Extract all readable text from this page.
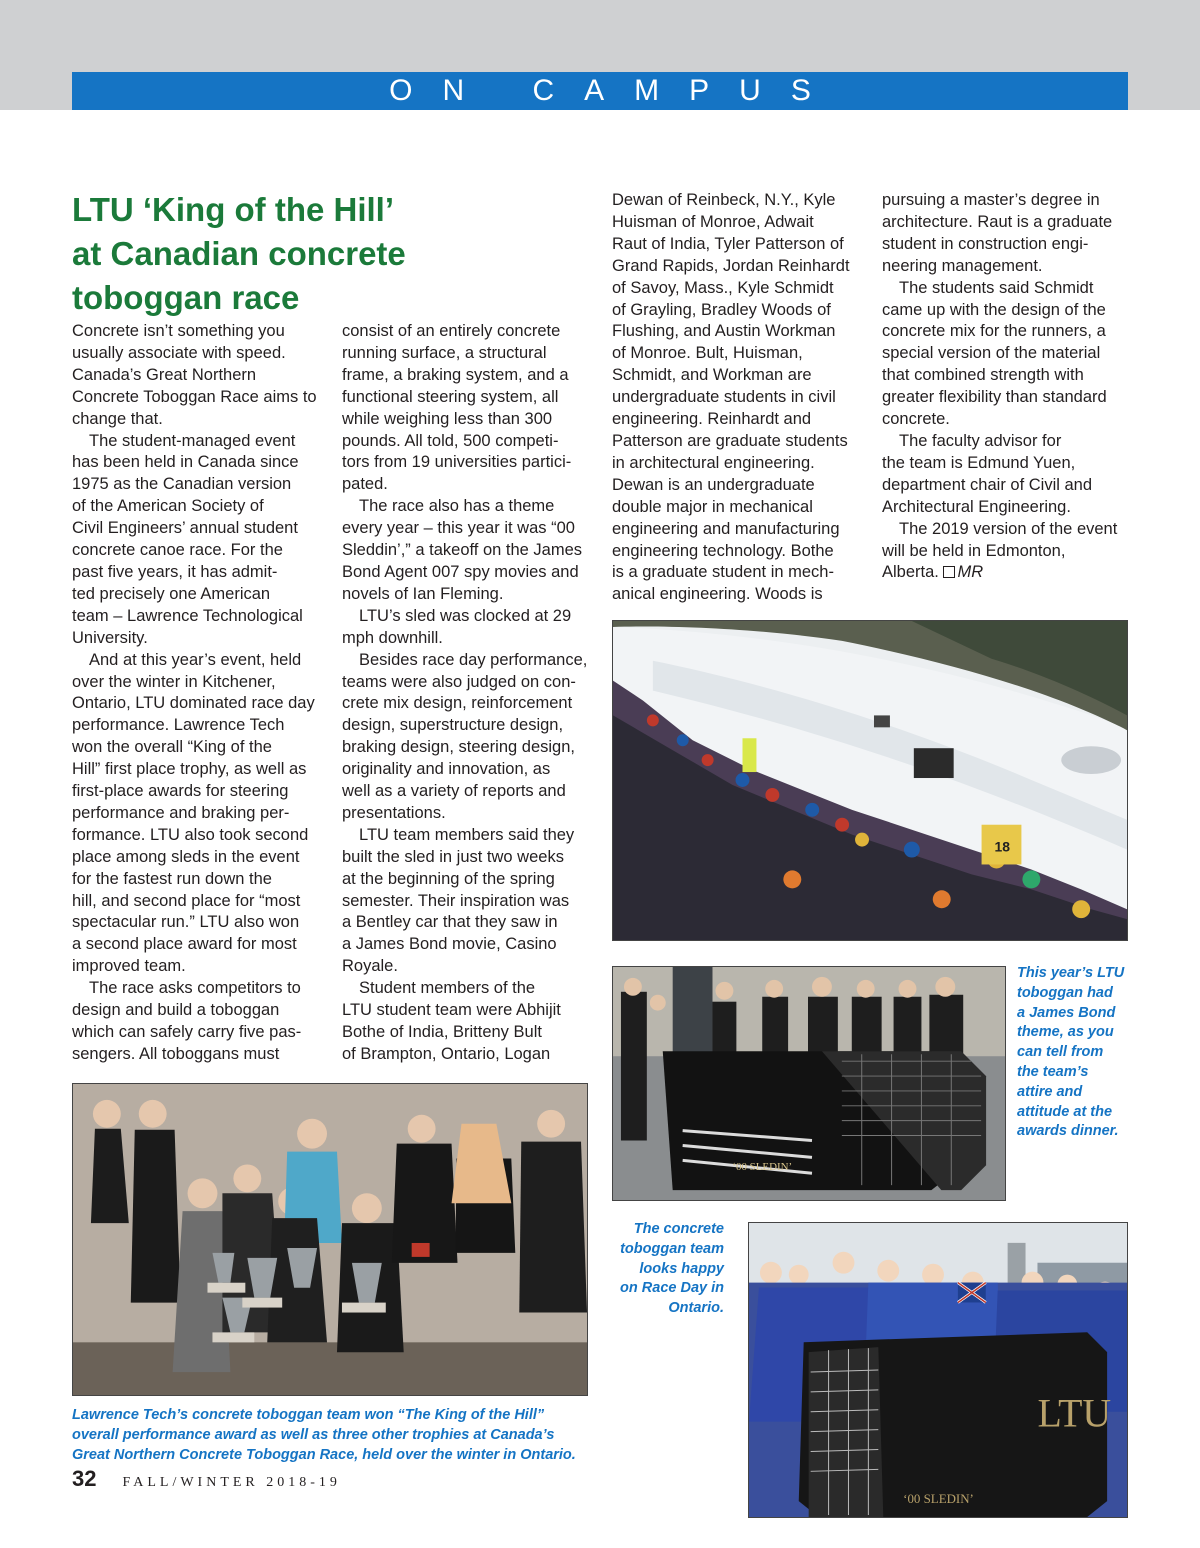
ON CAMPUS
LTU ‘King of the Hill’
at Canadian concrete
toboggan race
Concrete isn’t something you
usually associate with speed.
Canada’s Great Northern
Concrete Toboggan Race aims to
change that.
The student-managed event
has been held in Canada since
1975 as the Canadian version
of the American Society of
Civil Engineers’ annual student
concrete canoe race. For the
past five years, it has admit-
ted precisely one American
team – Lawrence Technological
University.
And at this year’s event, held
over the winter in Kitchener,
Ontario, LTU dominated race day
performance. Lawrence Tech
won the overall “King of the
Hill” first place trophy, as well as
first-place awards for steering
performance and braking per-
formance. LTU also took second
place among sleds in the event
for the fastest run down the
hill, and second place for “most
spectacular run.” LTU also won
a second place award for most
improved team.
The race asks competitors to
design and build a toboggan
which can safely carry five pas-
sengers. All toboggans must
consist of an entirely concrete
running surface, a structural
frame, a braking system, and a
functional steering system, all
while weighing less than 300
pounds. All told, 500 competi-
tors from 19 universities partici-
pated.
The race also has a theme
every year – this year it was “00
Sleddin’,” a takeoff on the James
Bond Agent 007 spy movies and
novels of Ian Fleming.
LTU’s sled was clocked at 29
mph downhill.
Besides race day performance,
teams were also judged on con-
crete mix design, reinforcement
design, superstructure design,
braking design, steering design,
originality and innovation, as
well as a variety of reports and
presentations.
LTU team members said they
built the sled in just two weeks
at the beginning of the spring
semester. Their inspiration was
a Bentley car that they saw in
a James Bond movie, Casino
Royale.
Student members of the
LTU student team were Abhijit
Bothe of India, Britteny Bult
of Brampton, Ontario, Logan
Dewan of Reinbeck, N.Y., Kyle
Huisman of Monroe, Adwait
Raut of India, Tyler Patterson of
Grand Rapids, Jordan Reinhardt
of Savoy, Mass., Kyle Schmidt
of Grayling, Bradley Woods of
Flushing, and Austin Workman
of Monroe. Bult, Huisman,
Schmidt, and Workman are
undergraduate students in civil
engineering. Reinhardt and
Patterson are graduate students
in architectural engineering.
Dewan is an undergraduate
double major in mechanical
engineering and manufacturing
engineering technology. Bothe
is a graduate student in mech-
anical engineering. Woods is
pursuing a master’s degree in
architecture. Raut is a graduate
student in construction engi-
neering management.
The students said Schmidt
came up with the design of the
concrete mix for the runners, a
special version of the material
that combined strength with
greater flexibility than standard
concrete.
The faculty advisor for
the team is Edmund Yuen,
department chair of Civil and
Architectural Engineering.
The 2019 version of the event
will be held in Edmonton,
Alberta. MR
18
‘00 SLEDIN’
LTU
‘00 SLEDIN’
This year’s LTU
toboggan had
a James Bond
theme, as you
can tell from
the team’s
attire and
attitude at the
awards dinner.
The concrete
toboggan team
looks happy
on Race Day in
Ontario.
Lawrence Tech’s concrete toboggan team won “The King of the Hill”
overall performance award as well as three other trophies at Canada’s
Great Northern Concrete Toboggan Race, held over the winter in Ontario.
32 FALL/WINTER 2018-19
